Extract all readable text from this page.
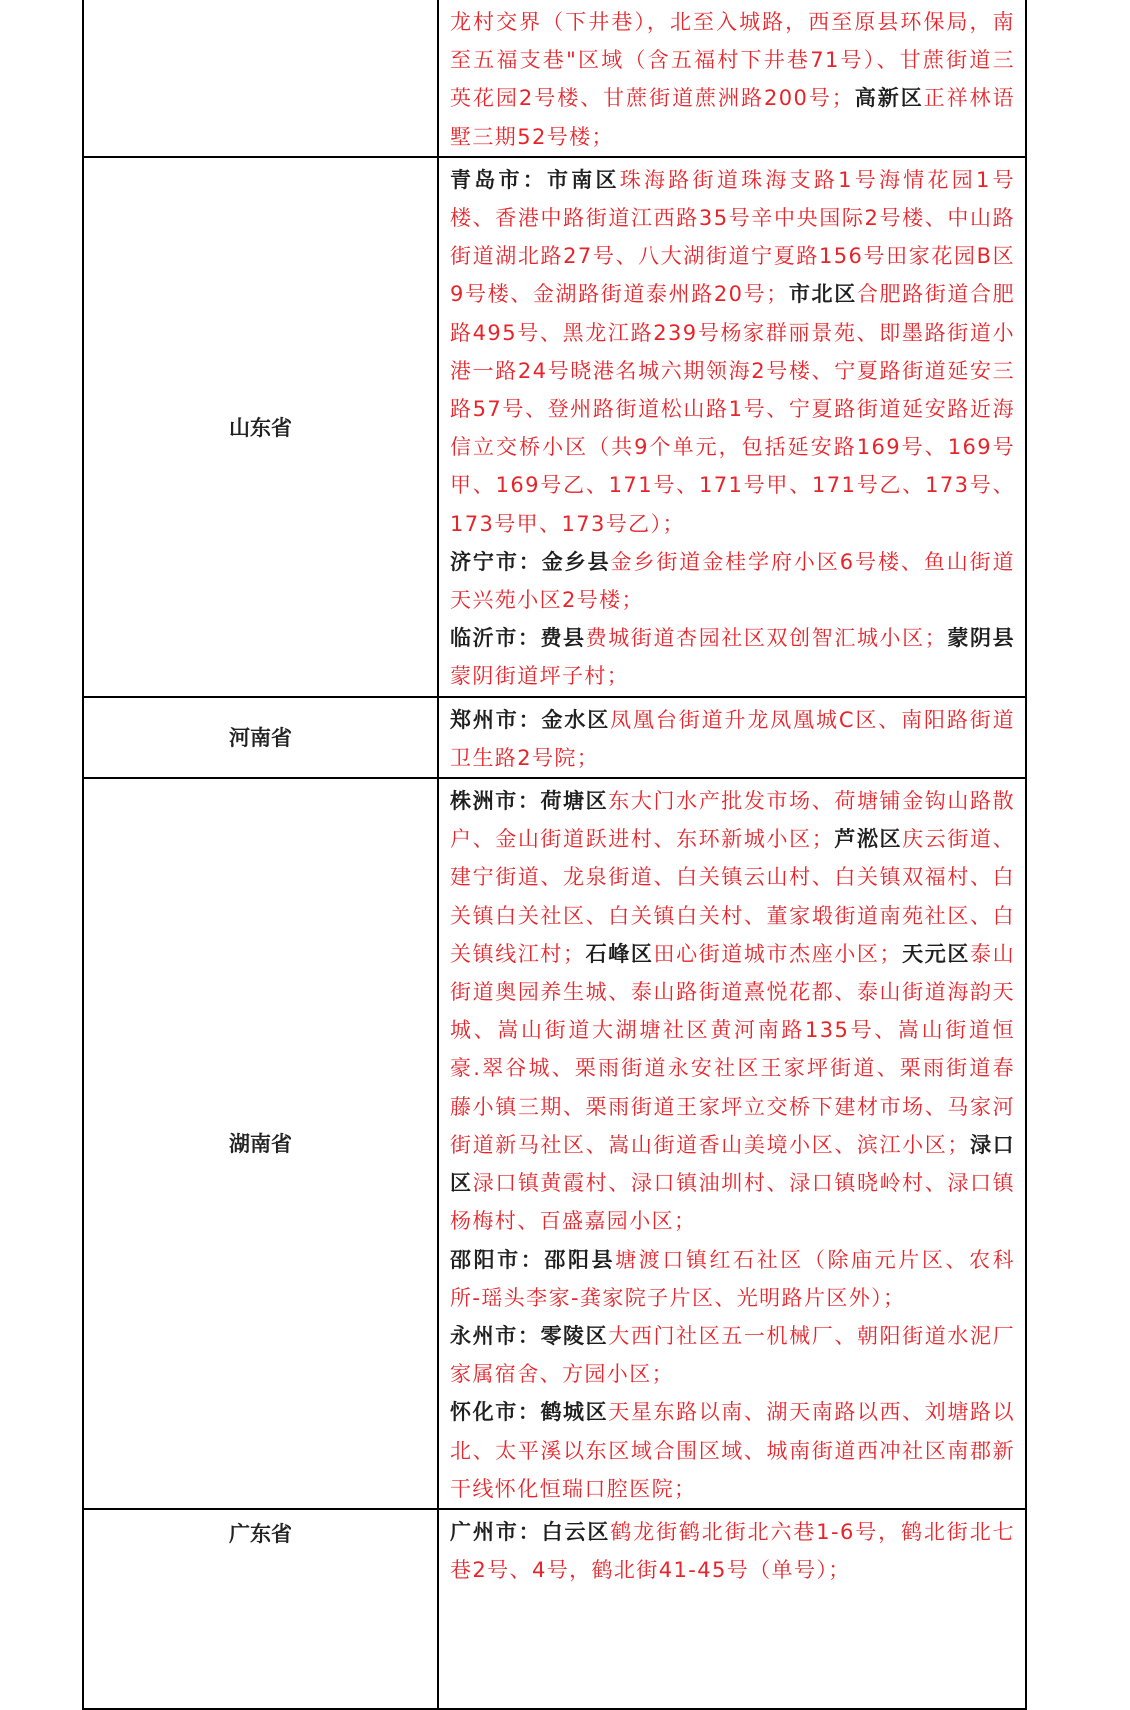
	龙村交界（下井巷），北至入城路，西至原县环保局，南至五福支巷"区域（含五福村下井巷71号）、甘蔗街道三英花园2号楼、甘蔗街道蔗洲路200号；高新区正祥林语墅三期52号楼；

山东省	青岛市：市南区珠海路街道珠海支路1号海情花园1号楼、香港中路街道江西路35号辛中央国际2号楼、中山路街道湖北路27号、八大湖街道宁夏路156号田家花园B区9号楼、金湖路街道泰州路20号；市北区合肥路街道合肥路495号、黑龙江路239号杨家群丽景苑、即墨路街道小港一路24号晓港名城六期领海2号楼、宁夏路街道延安三路57号、登州路街道松山路1号、宁夏路街道延安路近海信立交桥小区（共9个单元，包括延安路169号、169号甲、169号乙、171号、171号甲、171号乙、173号、173号甲、173号乙）；
济宁市：金乡县金乡街道金桂学府小区6号楼、鱼山街道天兴苑小区2号楼；
临沂市：费县费城街道杏园社区双创智汇城小区；蒙阴县蒙阴街道坪子村；

河南省	郑州市：金水区凤凰台街道升龙凤凰城C区、南阳路街道卫生路2号院；

湖南省	株洲市：荷塘区东大门水产批发市场、荷塘铺金钩山路散户、金山街道跃进村、东环新城小区；芦淞区庆云街道、建宁街道、龙泉街道、白关镇云山村、白关镇双福村、白关镇白关社区、白关镇白关村、董家塅街道南苑社区、白关镇线江村；石峰区田心街道城市杰座小区；天元区泰山街道奥园养生城、泰山路街道熹悦花都、泰山街道海韵天城、嵩山街道大湖塘社区黄河南路135号、嵩山街道恒豪.翠谷城、栗雨街道永安社区王家坪街道、栗雨街道春藤小镇三期、栗雨街道王家坪立交桥下建材市场、马家河街道新马社区、嵩山街道香山美境小区、滨江小区；渌口区渌口镇黄霞村、渌口镇油圳村、渌口镇晓岭村、渌口镇杨梅村、百盛嘉园小区；
邵阳市：邵阳县塘渡口镇红石社区（除庙元片区、农科所-瑶头李家-龚家院子片区、光明路片区外）；
永州市：零陵区大西门社区五一机械厂、朝阳街道水泥厂家属宿舍、方园小区；
怀化市：鹤城区天星东路以南、湖天南路以西、刘塘路以北、太平溪以东区域合围区域、城南街道西冲社区南郡新干线怀化恒瑞口腔医院；

广东省	广州市：白云区鹤龙街鹤北街北六巷1-6号，鹤北街北七巷2号、4号，鹤北街41-45号（单号）；
